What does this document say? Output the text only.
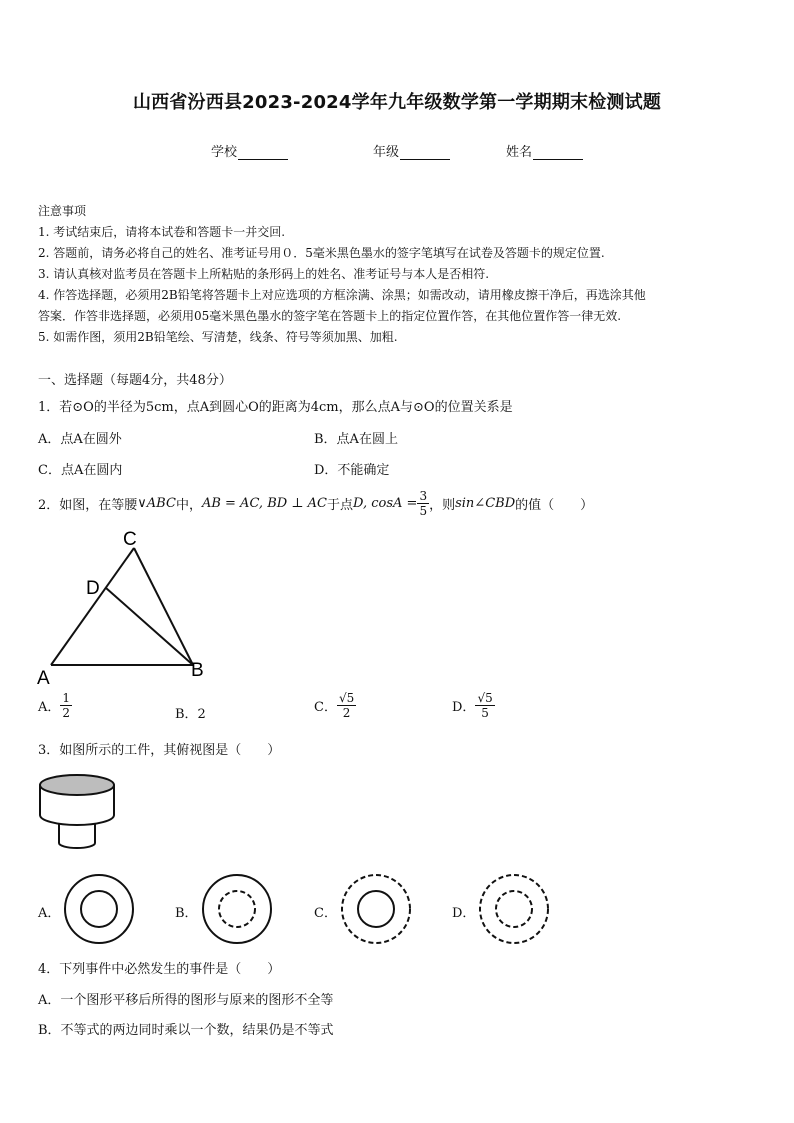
山西省汾西县2023-2024学年九年级数学第一学期期末检测试题
学校	年级	姓名
注意事项
1. 考试结束后，请将本试卷和答题卡一并交回.
2. 答题前，请务必将自己的姓名、准考证号用０．5毫米黑色墨水的签字笔填写在试卷及答题卡的规定位置.
3. 请认真核对监考员在答题卡上所粘贴的条形码上的姓名、准考证号与本人是否相符.
4. 作答选择题，必须用2B铅笔将答题卡上对应选项的方框涂满、涂黑；如需改动，请用橡皮擦干净后，再选涂其他
答案．作答非选择题，必须用05毫米黑色墨水的签字笔在答题卡上的指定位置作答，在其他位置作答一律无效.
5. 如需作图，须用2B铅笔绘、写清楚，线条、符号等须加黑、加粗.
一、选择题（每题4分，共48分）
1．若⊙O的半径为5cm，点A到圆心O的距离为4cm，那么点A与⊙O的位置关系是
A．点A在圆外	B．点A在圆上
C．点A在圆内	D．不能确定
2．如图，在等腰 ∨ABC 中， AB = AC, BD ⊥ AC 于点 D, $\cos A = \frac{3}{5}$ ，则 sin∠CBD 的值（　　）
C
D
A	B
A． $\frac{1}{2}$	B．2	C． $\frac{√5}{2}$	D． $\frac{√5}{5}$
3．如图所示的工件，其俯视图是（　　）
A．	B．	C．	D．
4．下列事件中必然发生的事件是（　　）
A．一个图形平移后所得的图形与原来的图形不全等
B．不等式的两边同时乘以一个数，结果仍是不等式
